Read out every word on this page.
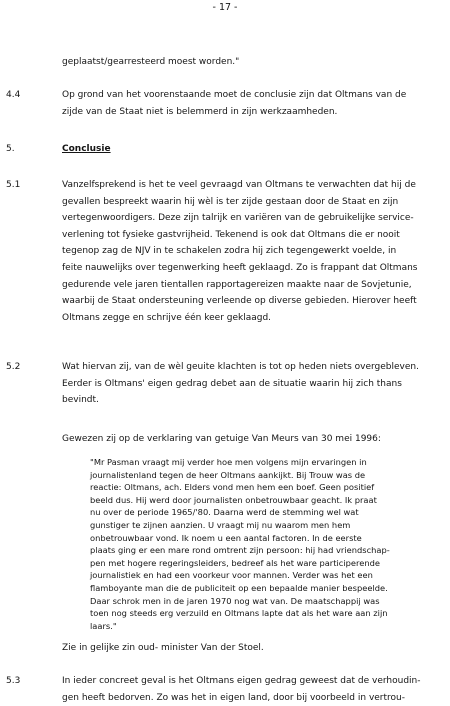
- 17 -
geplaatst/gearresteerd moest worden."
4.4	Op grond van het voorenstaande moet de conclusie zijn dat Oltmans van de
zijde van de Staat niet is belemmerd in zijn werkzaamheden.
5.	Conclusie
5.1	Vanzelfsprekend is het te veel gevraagd van Oltmans te verwachten dat hij de
gevallen bespreekt waarin hij wèl is ter zijde gestaan door de Staat en zijn
vertegenwoordigers. Deze zijn talrijk en variëren van de gebruikelijke service-
verlening tot fysieke gastvrijheid. Tekenend is ook dat Oltmans die er nooit
tegenop zag de NJV in te schakelen zodra hij zich tegengewerkt voelde, in
feite nauwelijks over tegenwerking heeft geklaagd. Zo is frappant dat Oltmans
gedurende vele jaren tientallen rapportagereizen maakte naar de Sovjetunie,
waarbij de Staat ondersteuning verleende op diverse gebieden. Hierover heeft
Oltmans zegge en schrijve één keer geklaagd.
5.2	Wat hiervan zij, van de wèl geuite klachten is tot op heden niets overgebleven.
Eerder is Oltmans' eigen gedrag debet aan de situatie waarin hij zich thans
bevindt.
Gewezen zij op de verklaring van getuige Van Meurs van 30 mei 1996:
"Mr Pasman vraagt mij verder hoe men volgens mijn ervaringen in
journalistenland tegen de heer Oltmans aankijkt. Bij Trouw was de
reactie: Oltmans, ach. Elders vond men hem een boef. Geen positief
beeld dus. Hij werd door journalisten onbetrouwbaar geacht. Ik praat
nu over de periode 1965/'80. Daarna werd de stemming wel wat
gunstiger te zijnen aanzien. U vraagt mij nu waarom men hem
onbetrouwbaar vond. Ik noem u een aantal factoren. In de eerste
plaats ging er een mare rond omtrent zijn persoon: hij had vriendschap-
pen met hogere regeringsleiders, bedreef als het ware participerende
journalistiek en had een voorkeur voor mannen. Verder was het een
flamboyante man die de publiciteit op een bepaalde manier bespeelde.
Daar schrok men in de jaren 1970 nog wat van. De maatschappij was
toen nog steeds erg verzuild en Oltmans lapte dat als het ware aan zijn
laars."
Zie in gelijke zin oud- minister Van der Stoel.
5.3	In ieder concreet geval is het Oltmans eigen gedrag geweest dat de verhoudin-
gen heeft bedorven. Zo was het in eigen land, door bij voorbeeld in vertrou-
